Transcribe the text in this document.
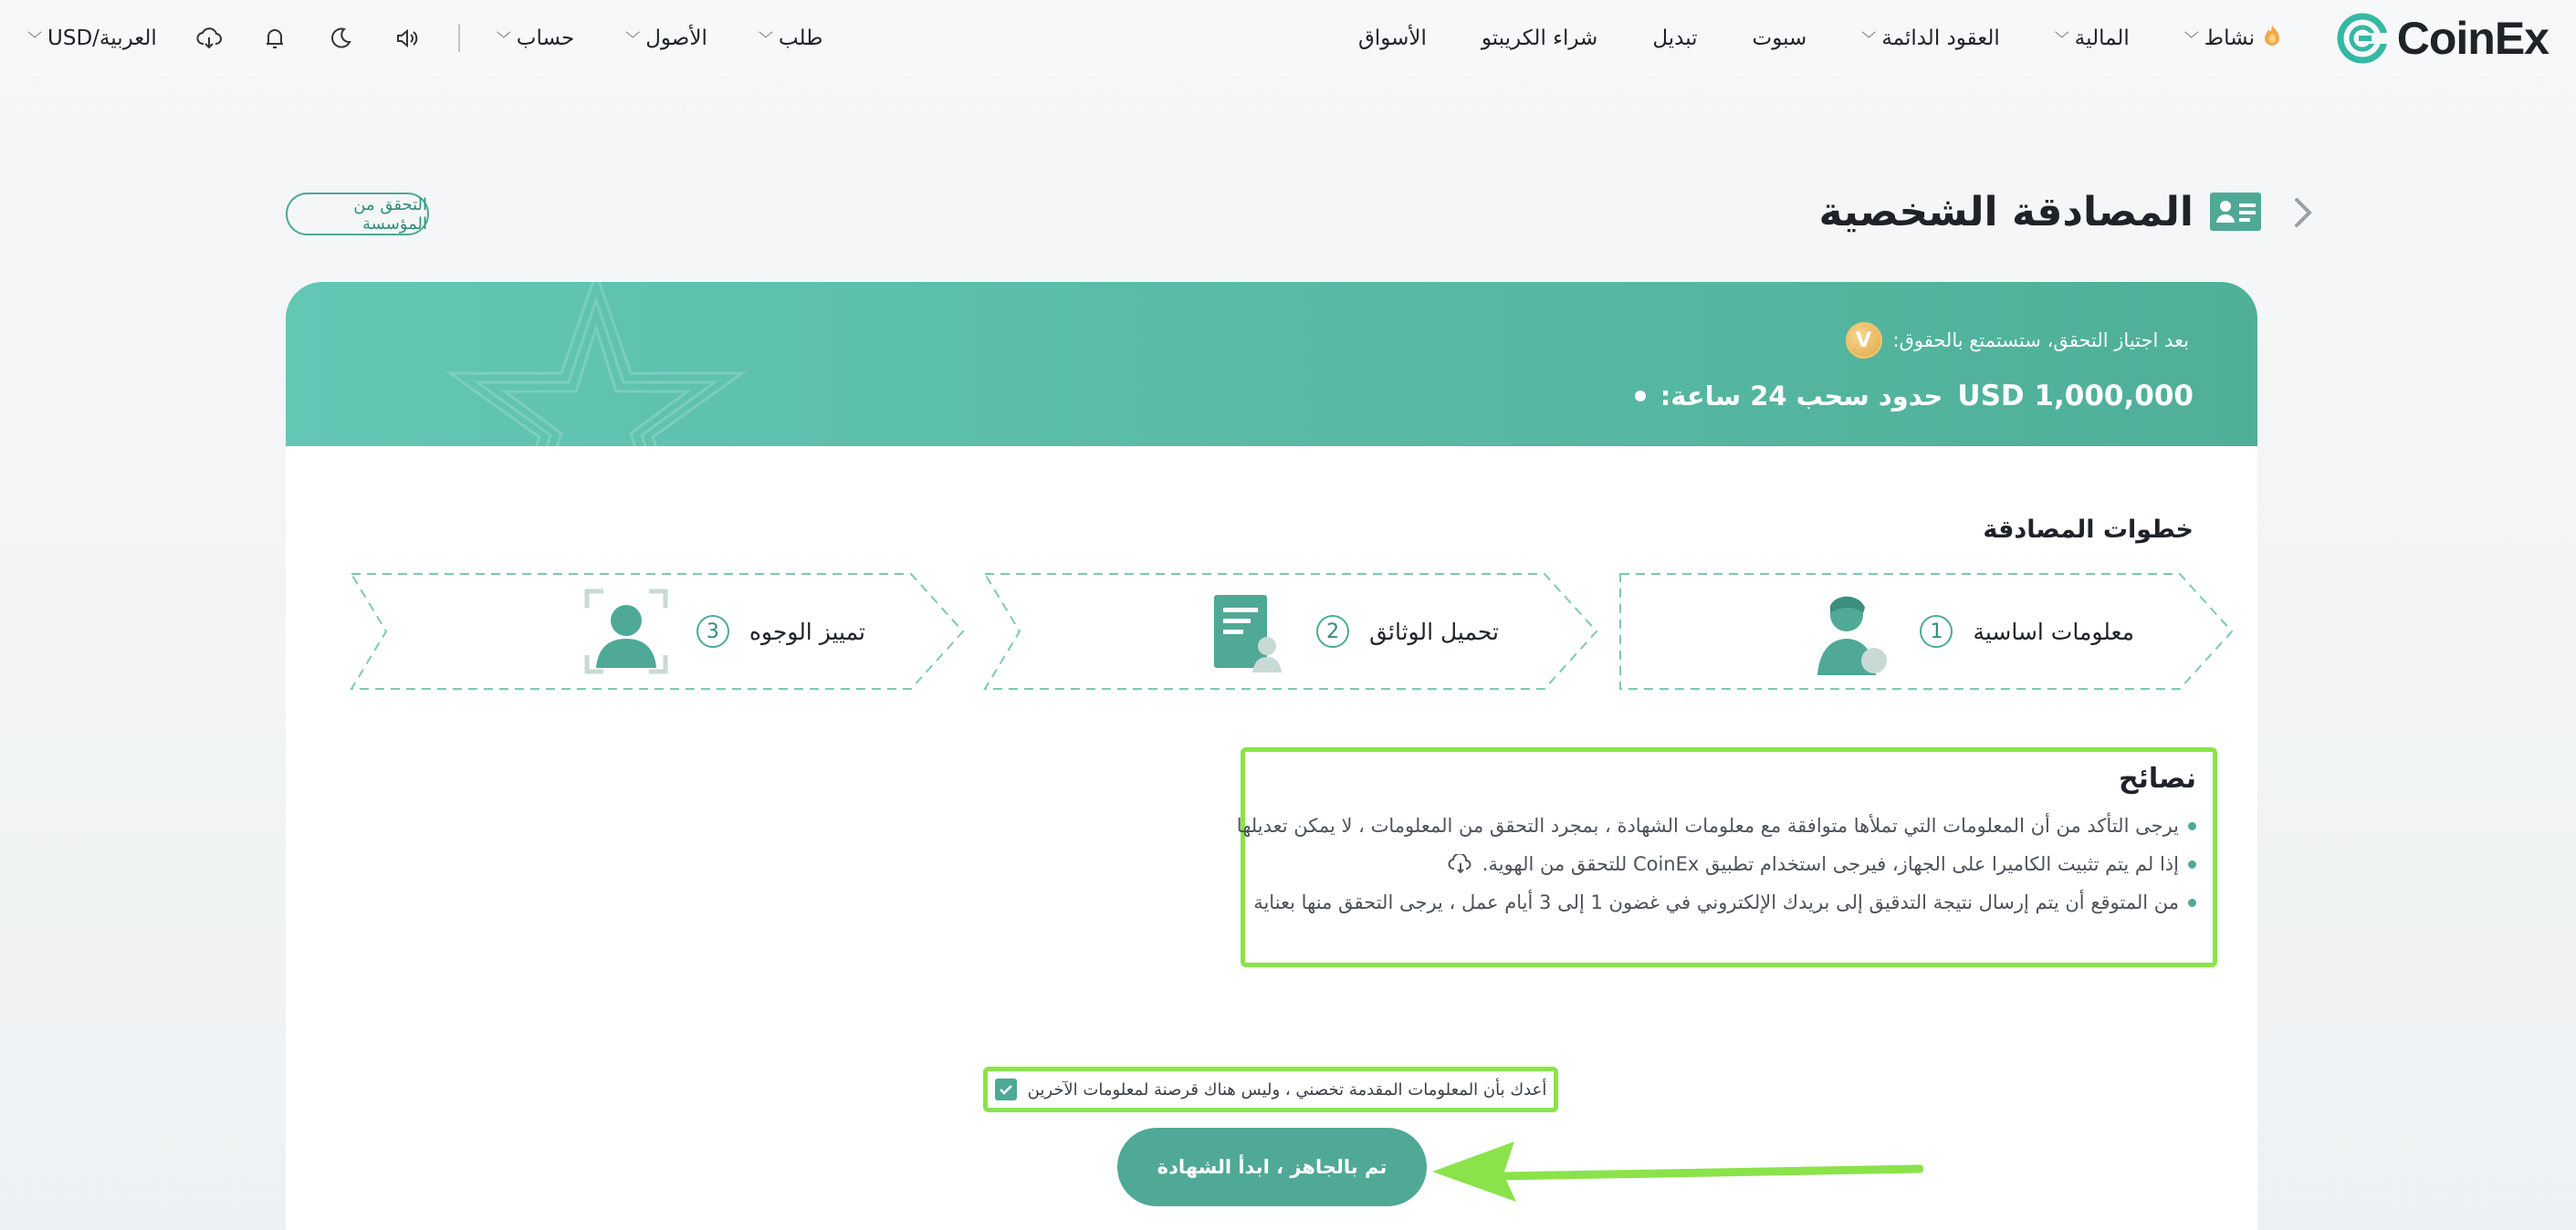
CoinEx
الأسواق	شراء الكريبتو	تبديل	سبوت	العقود الدائمة
﹀	المالية
﹀	نشاط
﹀
﹀ USD/العربية	﹀ حساب	﹀ الأصول	﹀ طلب
المصادقة الشخصية
التحقق من المؤسسة
V	بعد اجتياز التحقق، ستستمتع بالحقوق:
حدود سحب 24 ساعة: USD 1,000,000
خطوات المصادقة
1	معلومات اساسية
2	تحميل الوثائق
3	تمييز الوجوه
نصائح
يرجى التأكد من أن المعلومات التي تملأها متوافقة مع معلومات الشهادة ، بمجرد التحقق من المعلومات ، لا يمكن تعديلها
إذا لم يتم تثبيت الكاميرا على الجهاز، فيرجى استخدام تطبيق CoinEx للتحقق من الهوية.
من المتوقع أن يتم إرسال نتيجة التدقيق إلى بريدك الإلكتروني في غضون 1 إلى 3 أيام عمل ، يرجى التحقق منها بعناية
أعدك بأن المعلومات المقدمة تخصني ، وليس هناك قرصنة لمعلومات الآخرين
تم بالجاهز ، ابدأ الشهادة
